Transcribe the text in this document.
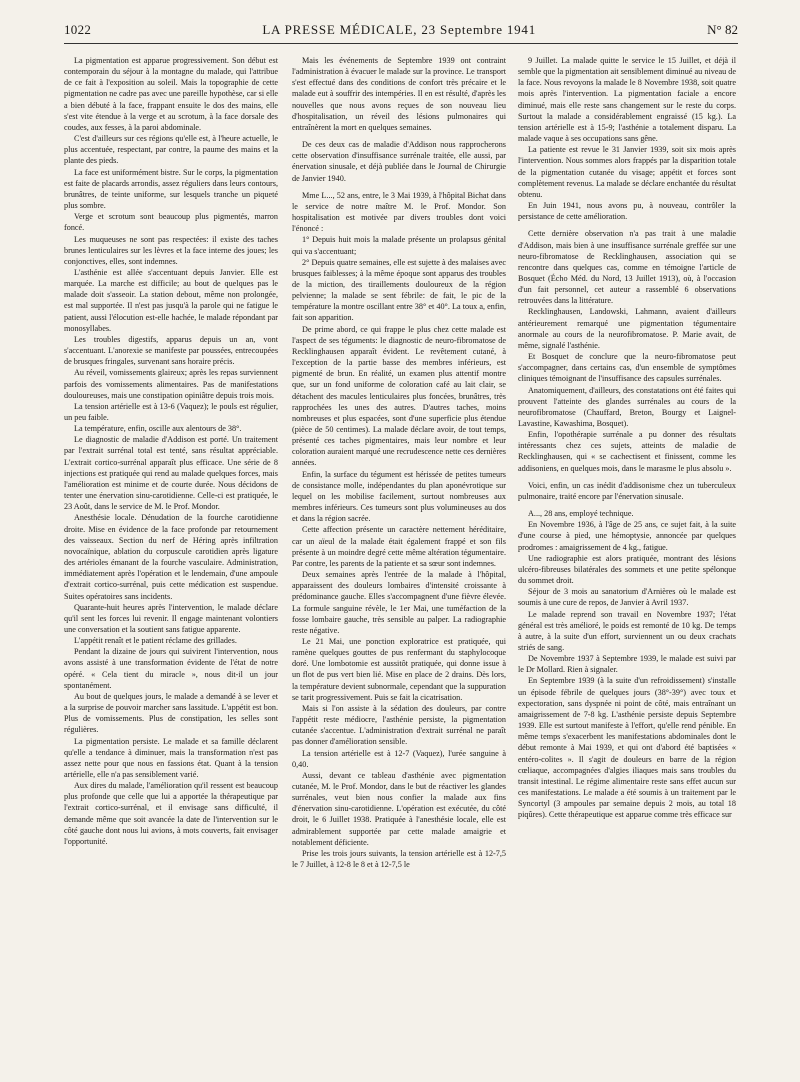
1022	LA PRESSE MÉDICALE, 23 Septembre 1941	N° 82

La pigmentation est apparue progressivement. Son début est contemporain du séjour à la montagne du malade, qui l'attribue de ce fait à l'exposition au soleil. Mais la topographie de cette pigmentation ne cadre pas avec une pareille hypothèse, car si elle a bien débuté à la face, frappant ensuite le dos des mains, elle s'est vite étendue à la verge et au scrotum, à la face dorsale des coudes, aux fesses, à la paroi abdominale.

C'est d'ailleurs sur ces régions qu'elle est, à l'heure actuelle, le plus accentuée, respectant, par contre, la paume des mains et la plante des pieds.

La face est uniformément bistre. Sur le corps, la pigmentation est faite de placards arrondis, assez réguliers dans leurs contours, brunâtres, de teinte uniforme, sur lesquels tranche un piqueté plus sombre.

Verge et scrotum sont beaucoup plus pigmentés, marron foncé.

Les muqueuses ne sont pas respectées: il existe des taches brunes lenticulaires sur les lèvres et la face interne des joues; les conjonctives, elles, sont indemnes.

L'asthénie est allée s'accentuant depuis Janvier. Elle est marquée. La marche est difficile; au bout de quelques pas le malade doit s'asseoir. La station debout, même non prolongée, est mal supportée. Il n'est pas jusqu'à la parole qui ne fatigue le patient, aussi l'élocution est-elle hachée, le malade répondant par monosyllabes.

Les troubles digestifs, apparus depuis un an, vont s'accentuant. L'anorexie se manifeste par poussées, entrecoupées de brusques fringales, survenant sans horaire précis.

Au réveil, vomissements glaireux; après les repas surviennent parfois des vomissements alimentaires. Pas de manifestations douloureuses, mais une constipation opiniâtre depuis trois mois.

La tension artérielle est à 13-6 (Vaquez); le pouls est régulier, un peu faible.

La température, enfin, oscille aux alentours de 38°.

Le diagnostic de maladie d'Addison est porté. Un traitement par l'extrait surrénal total est tenté, sans résultat appréciable. L'extrait cortico-surrénal apparaît plus efficace. Une série de 8 injections est pratiquée qui rend au malade quelques forces, mais l'amélioration est minime et de courte durée. Nous décidons de tenter une énervation sinu-carotidienne. Celle-ci est pratiquée, le 23 Août, dans le service de M. le Prof. Mondor.

Anesthésie locale. Dénudation de la fourche carotidienne droite. Mise en évidence de la face profonde par retournement des vaisseaux. Section du nerf de Héring après infiltration novocaïnique, ablation du corpuscule carotidien après ligature des artérioles émanant de la fourche vasculaire. Administration, immédiatement après l'opération et le lendemain, d'une ampoule d'extrait cortico-surrénal, puis cette médication est suspendue. Suites opératoires sans incidents.

Quarante-huit heures après l'intervention, le malade déclare qu'il sent les forces lui revenir. Il engage maintenant volontiers une conversation et la soutient sans fatigue apparente.

L'appétit renaît et le patient réclame des grillades.

Pendant la dizaine de jours qui suivirent l'intervention, nous avons assisté à une transformation évidente de l'état de notre opéré. « Cela tient du miracle », nous dit-il un jour spontanément.

Au bout de quelques jours, le malade a demandé à se lever et a la surprise de pouvoir marcher sans lassitude. L'appétit est bon. Plus de vomissements. Plus de constipation, les selles sont régulières.

La pigmentation persiste. Le malade et sa famille déclarent qu'elle a tendance à diminuer, mais la transformation n'est pas assez nette pour que nous en fassions état. Quant à la tension artérielle, elle n'a pas sensiblement varié.

Aux dires du malade, l'amélioration qu'il ressent est beaucoup plus profonde que celle que lui a apportée la thérapeutique par l'extrait cortico-surrénal, et il envisage sans difficulté, il demande même que soit avancée la date de l'intervention sur le côté gauche dont nous lui avions, à mots couverts, fait envisager l'opportunité.

Mais les événements de Septembre 1939 ont contraint l'administration à évacuer le malade sur la province. Le transport s'est effectué dans des conditions de confort très précaire et le malade eut à souffrir des intempéries. Il en est résulté, d'après les nouvelles que nous avons reçues de son nouveau lieu d'hospitalisation, un réveil des lésions pulmonaires qui entraînèrent la mort en quelques semaines.

De ces deux cas de maladie d'Addison nous rapprocherons cette observation d'insuffisance surrénale traitée, elle aussi, par énervation sinusale, et déjà publiée dans le Journal de Chirurgie de Janvier 1940.

Mme L..., 52 ans, entre, le 3 Mai 1939, à l'hôpital Bichat dans le service de notre maître M. le Prof. Mondor. Son hospitalisation est motivée par divers troubles dont voici l'énoncé :

1° Depuis huit mois la malade présente un prolapsus génital qui va s'accentuant;

2° Depuis quatre semaines, elle est sujette à des malaises avec brusques faiblesses; à la même époque sont apparus des troubles de la miction, des tiraillements douloureux de la région pelvienne; la malade se sent fébrile: de fait, le pic de la température la montre oscillant entre 38° et 40°. La toux a, enfin, fait son apparition.

De prime abord, ce qui frappe le plus chez cette malade est l'aspect de ses téguments: le diagnostic de neuro-fibromatose de Recklinghausen apparaît évident. Le revêtement cutané, à l'exception de la partie basse des membres inférieurs, est pigmenté de brun. En réalité, un examen plus attentif montre que, sur un fond uniforme de coloration café au lait clair, se détachent des macules lenticulaires plus foncées, brunâtres, très rapprochées les unes des autres. D'autres taches, moins nombreuses et plus espacées, sont d'une superficie plus étendue (pièce de 50 centimes). La malade déclare avoir, de tout temps, présenté ces taches pigmentaires, mais leur nombre et leur coloration auraient marqué une recrudescence nette ces dernières années.

Enfin, la surface du tégument est hérissée de petites tumeurs de consistance molle, indépendantes du plan aponévrotique sur lequel on les mobilise facilement, surtout nombreuses aux membres inférieurs. Ces tumeurs sont plus volumineuses au dos et dans la région sacrée.

Cette affection présente un caractère nettement héréditaire, car un aïeul de la malade était également frappé et son fils présente à un moindre degré cette même altération tégumentaire. Par contre, les parents de la patiente et sa sœur sont indemnes.

Deux semaines après l'entrée de la malade à l'hôpital, apparaissent des douleurs lombaires d'intensité croissante à prédominance gauche. Elles s'accompagnent d'une fièvre élevée. La formule sanguine révèle, le 1er Mai, une tuméfaction de la fosse lombaire gauche, très sensible au palper. La radiographie reste négative.

Le 21 Mai, une ponction exploratrice est pratiquée, qui ramène quelques gouttes de pus renfermant du staphylocoque doré. Une lombotomie est aussitôt pratiquée, qui donne issue à un flot de pus vert bien lié. Mise en place de 2 drains. Dès lors, la température devient subnormale, cependant que la suppuration se tarit progressivement. Puis se fait la cicatrisation.

Mais si l'on assiste à la sédation des douleurs, par contre l'appétit reste médiocre, l'asthénie persiste, la pigmentation cutanée s'accentue. L'administration d'extrait surrénal ne paraît pas donner d'amélioration sensible.

La tension artérielle est à 12-7 (Vaquez), l'urée sanguine à 0,40.

Aussi, devant ce tableau d'asthénie avec pigmentation cutanée, M. le Prof. Mondor, dans le but de réactiver les glandes surrénales, veut bien nous confier la malade aux fins d'énervation sinu-carotidienne. L'opération est exécutée, du côté droit, le 6 Juillet 1938. Pratiquée à l'anesthésie locale, elle est admirablement supportée par cette malade amaigrie et notablement déficiente.

Prise les trois jours suivants, la tension artérielle est à 12-7,5 le 7 Juillet, à 12-8 le 8 et à 12-7,5 le

9 Juillet. La malade quitte le service le 15 Juillet, et déjà il semble que la pigmentation ait sensiblement diminué au niveau de la face. Nous revoyons la malade le 8 Novembre 1938, soit quatre mois après l'intervention. La pigmentation faciale a encore diminué, mais elle reste sans changement sur le reste du corps. Surtout la malade a considérablement engraissé (15 kg.). La tension artérielle est à 15-9; l'asthénie a totalement disparu. La malade vaque à ses occupations sans gêne.

La patiente est revue le 31 Janvier 1939, soit six mois après l'intervention. Nous sommes alors frappés par la disparition totale de la pigmentation cutanée du visage; appétit et forces sont complètement revenus. La malade se déclare enchantée du résultat obtenu.

En Juin 1941, nous avons pu, à nouveau, contrôler la persistance de cette amélioration.

Cette dernière observation n'a pas trait à une maladie d'Addison, mais bien à une insuffisance surrénale greffée sur une neuro-fibromatose de Recklinghausen, association qui se rencontre dans quelques cas, comme en témoigne l'article de Bosquet (Écho Méd. du Nord, 13 Juillet 1913), où, à l'occasion d'un fait personnel, cet auteur a rassemblé 6 observations retrouvées dans la littérature.

Recklinghausen, Landowski, Lahmann, avaient d'ailleurs antérieurement remarqué une pigmentation tégumentaire anormale au cours de la neurofibromatose. P. Marie avait, de même, signalé l'asthénie.

Et Bosquet de conclure que la neuro-fibromatose peut s'accompagner, dans certains cas, d'un ensemble de symptômes cliniques témoignant de l'insuffisance des capsules surrénales.

Anatomiquement, d'ailleurs, des constatations ont été faites qui prouvent l'atteinte des glandes surrénales au cours de la neurofibromatose (Chauffard, Breton, Bourgy et Laignel-Lavastine, Kawashima, Bosquet).

Enfin, l'opothérapie surrénale a pu donner des résultats intéressants chez ces sujets, atteints de maladie de Recklinghausen, qui « se cachectisent et finissent, comme les addisoniens, en quelques mois, dans le marasme le plus absolu ».

Voici, enfin, un cas inédit d'addisonisme chez un tuberculeux pulmonaire, traité encore par l'énervation sinusale.

A..., 28 ans, employé technique.

En Novembre 1936, à l'âge de 25 ans, ce sujet fait, à la suite d'une course à pied, une hémoptysie, annoncée par quelques prodromes : amaigrissement de 4 kg., fatigue.

Une radiographie est alors pratiquée, montrant des lésions ulcéro-fibreuses bilatérales des sommets et une petite spélonque du sommet droit.

Séjour de 3 mois au sanatorium d'Arnières où le malade est soumis à une cure de repos, de Janvier à Avril 1937.

Le malade reprend son travail en Novembre 1937; l'état général est très amélioré, le poids est remonté de 10 kg. De temps à autre, à la suite d'un effort, surviennent un ou deux crachats striés de sang.

De Novembre 1937 à Septembre 1939, le malade est suivi par le Dr Mollard. Rien à signaler.

En Septembre 1939 (à la suite d'un refroidissement) s'installe un épisode fébrile de quelques jours (38°-39°) avec toux et expectoration, sans dyspnée ni point de côté, mais entraînant un amaigrissement de 7-8 kg. L'asthénie persiste depuis Septembre 1939. Elle est surtout manifeste à l'effort, qu'elle rend pénible. En même temps s'exacerbent les manifestations abdominales dont le début remonte à Mai 1939, et qui ont d'abord été baptisées « entéro-colites ». Il s'agit de douleurs en barre de la région cœliaque, accompagnées d'algies iliaques mais sans troubles du transit intestinal. Le régime alimentaire reste sans effet aucun sur ces manifestations. Le malade a été soumis à un traitement par le Syncortyl (3 ampoules par semaine depuis 2 mois, au total 18 piqûres). Cette thérapeutique est apparue comme très efficace sur
